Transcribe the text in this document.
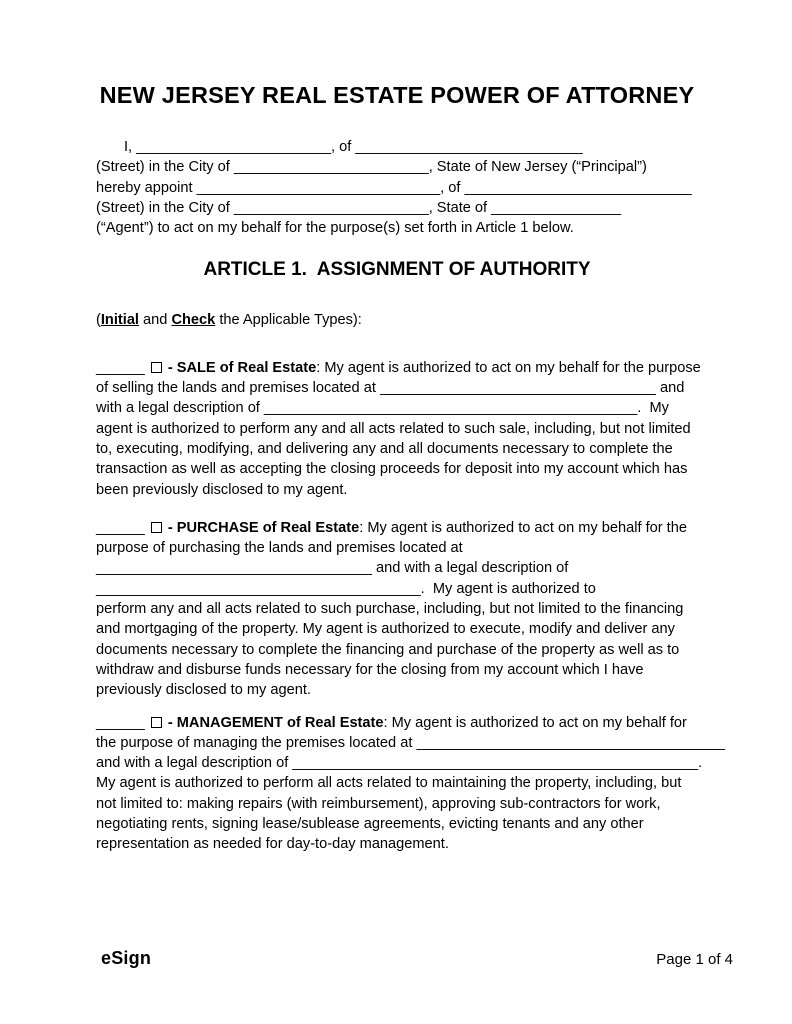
NEW JERSEY REAL ESTATE POWER OF ATTORNEY
I, ________________________, of ____________________________
(Street) in the City of ________________________, State of New Jersey (“Principal”)
hereby appoint ______________________________, of ____________________________
(Street) in the City of ________________________, State of ________________
(“Agent”) to act on my behalf for the purpose(s) set forth in Article 1 below.
ARTICLE 1.  ASSIGNMENT OF AUTHORITY
(Initial and Check the Applicable Types):
______ - SALE of Real Estate: My agent is authorized to act on my behalf for the purpose
of selling the lands and premises located at __________________________________ and
with a legal description of ______________________________________________.  My
agent is authorized to perform any and all acts related to such sale, including, but not limited
to, executing, modifying, and delivering any and all documents necessary to complete the
transaction as well as accepting the closing proceeds for deposit into my account which has
been previously disclosed to my agent.
______ - PURCHASE of Real Estate: My agent is authorized to act on my behalf for the
purpose of purchasing the lands and premises located at
__________________________________ and with a legal description of
________________________________________.  My agent is authorized to
perform any and all acts related to such purchase, including, but not limited to the financing
and mortgaging of the property. My agent is authorized to execute, modify and deliver any
documents necessary to complete the financing and purchase of the property as well as to
withdraw and disburse funds necessary for the closing from my account which I have
previously disclosed to my agent.
______ - MANAGEMENT of Real Estate: My agent is authorized to act on my behalf for
the purpose of managing the premises located at ______________________________________
and with a legal description of __________________________________________________.
My agent is authorized to perform all acts related to maintaining the property, including, but
not limited to: making repairs (with reimbursement), approving sub-contractors for work,
negotiating rents, signing lease/sublease agreements, evicting tenants and any other
representation as needed for day-to-day management.
eSign	Page 1 of 4
